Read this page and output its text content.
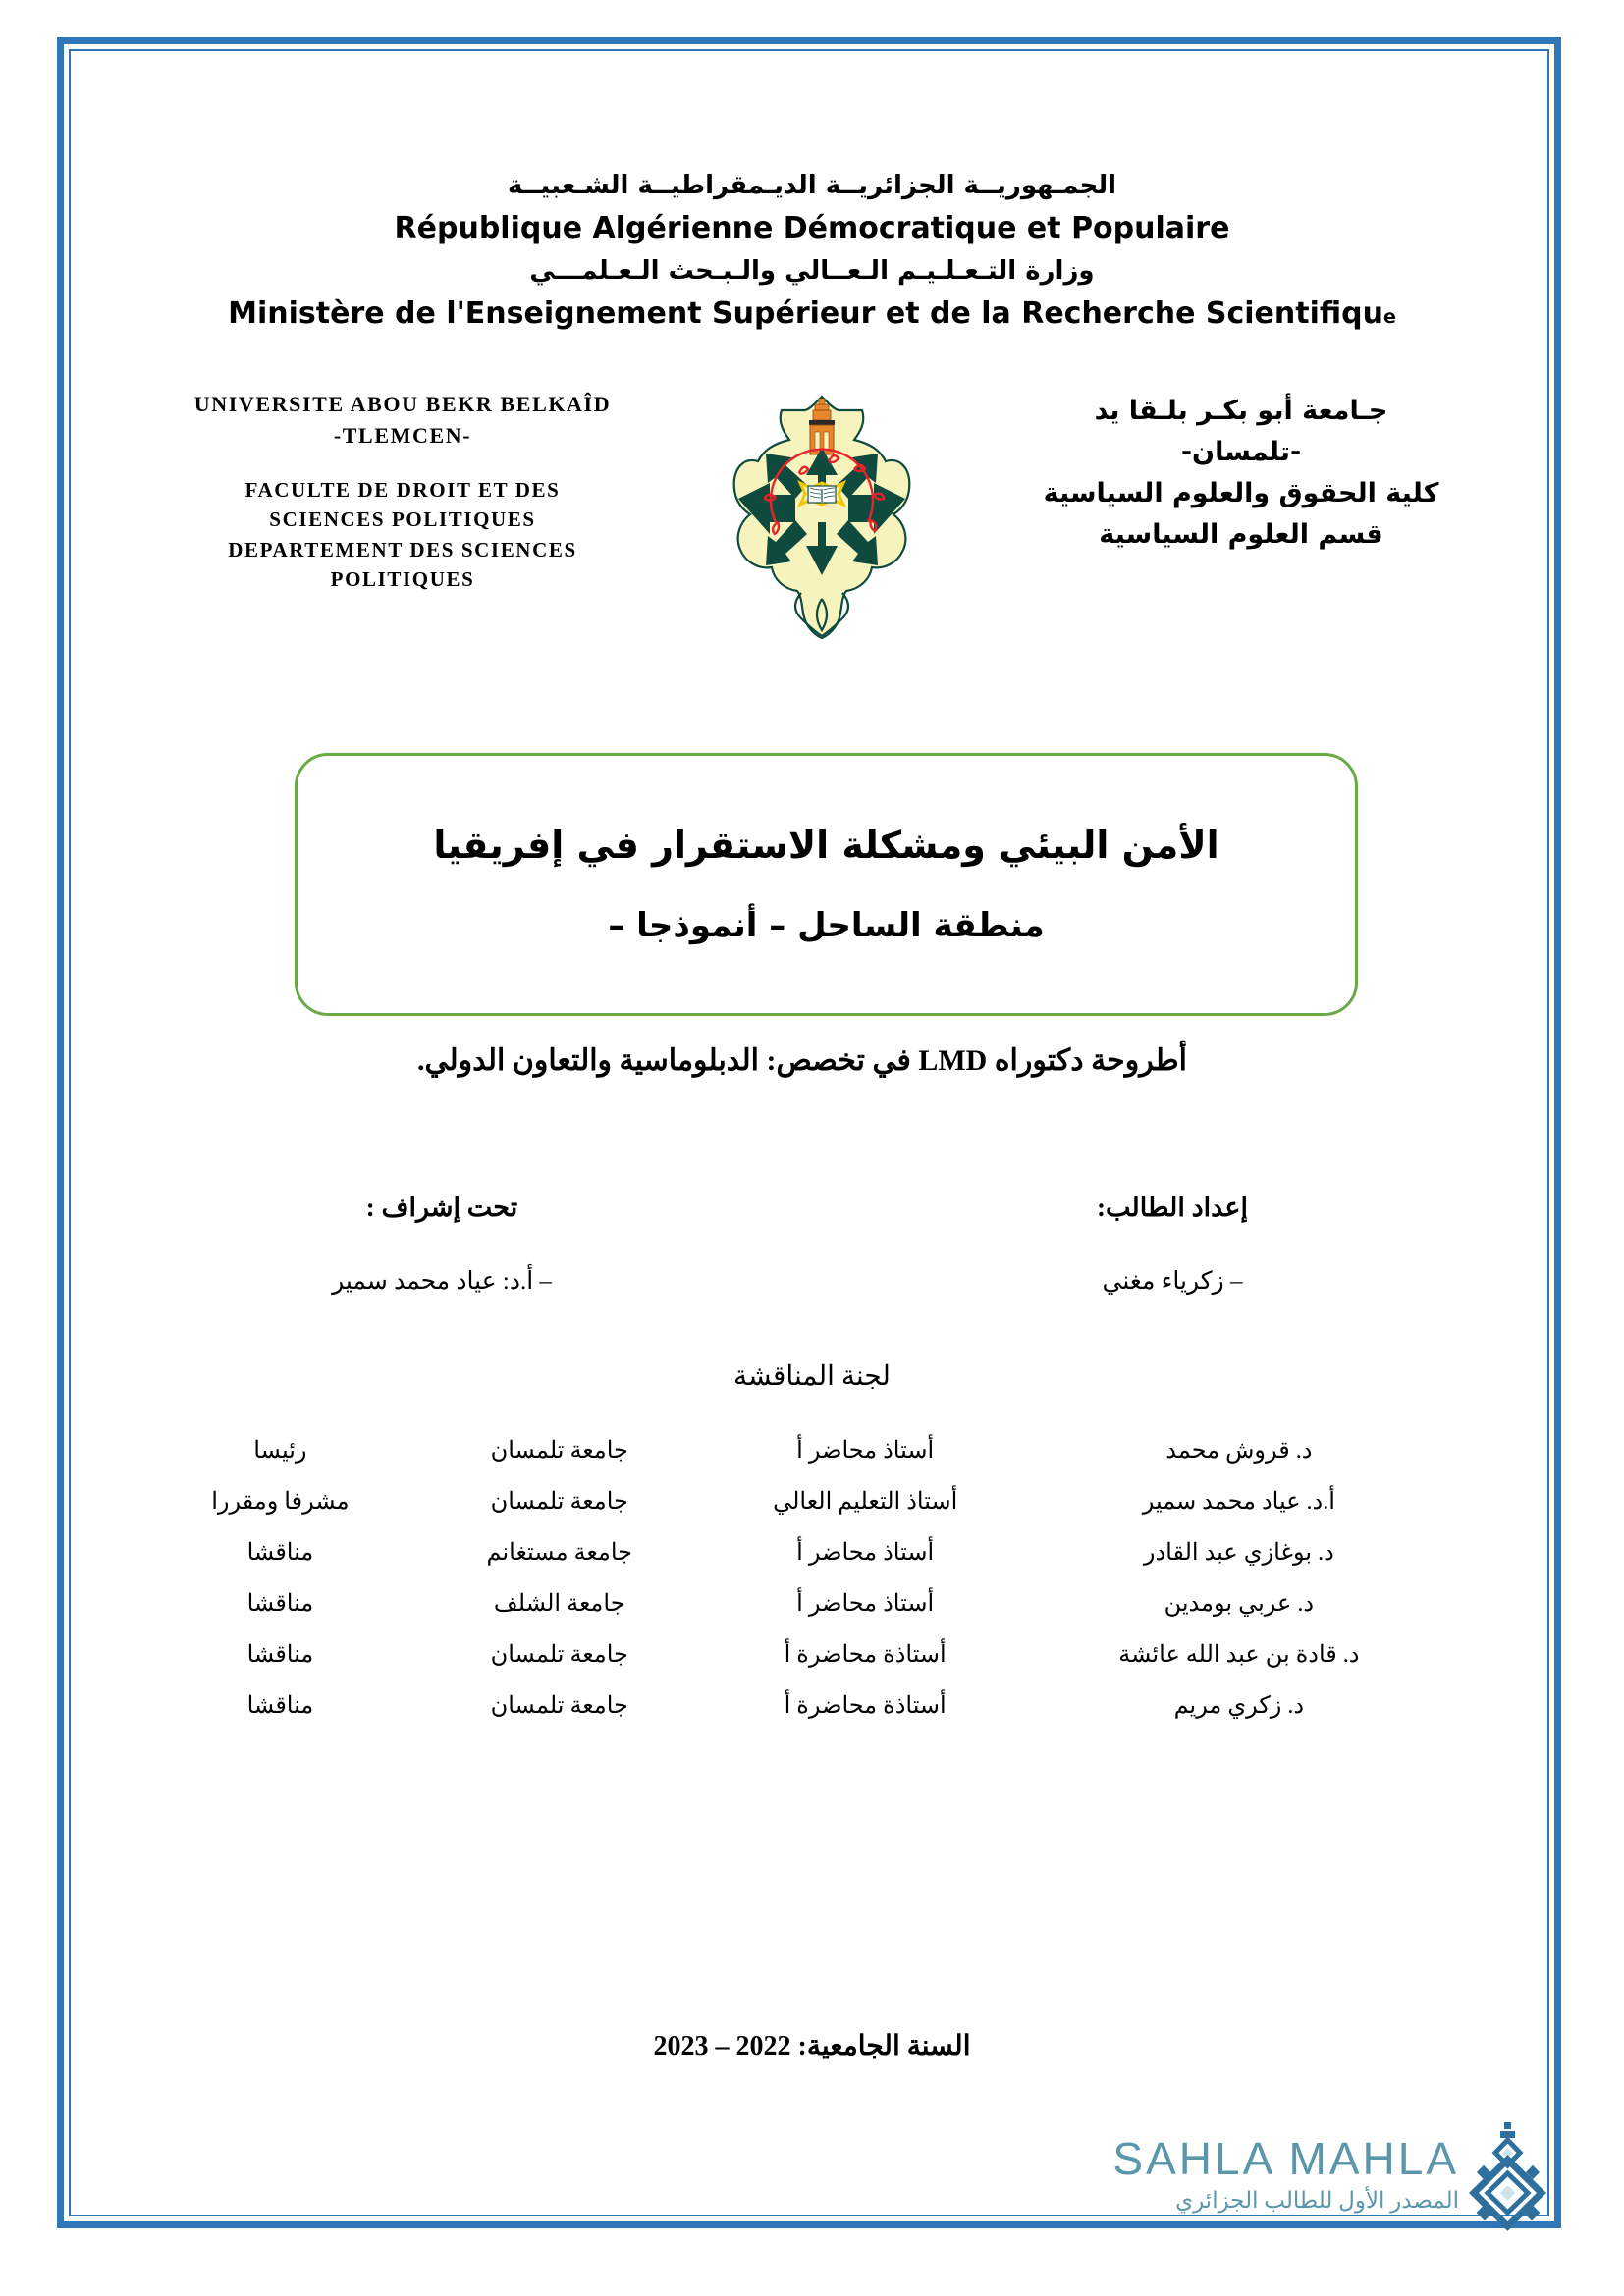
الجمـهوريــة الجزائريــة الديـمقراطيــة الشـعبيــة
République Algérienne Démocratique et Populaire
وزارة التـعـلـيـم الـعــالي والـبـحث الـعـلمـــي
Ministère de l'Enseignement Supérieur et de la Recherche Scientifique
UNIVERSITE ABOU BEKR BELKAÎD
-TLEMCEN-
FACULTE DE DROIT ET DES
SCIENCES POLITIQUES
DEPARTEMENT DES SCIENCES
POLITIQUES
جـامعة أبو بكـر بلـقا يد
-تلمسان-
كلية الحقوق والعلوم السياسية
قسم العلوم السياسية
الأمن البيئي ومشكلة الاستقرار في إفريقيا
منطقة الساحل – أنموذجا –
أطروحة دكتوراه LMD في تخصص: الدبلوماسية والتعاون الدولي.
إعداد الطالب:
– زكرياء مغني
تحت إشراف :
– أ.د: عياد محمد سمير
لجنة المناقشة
د. قروش محمد	أستاذ محاضر أ	جامعة تلمسان	رئيسا
أ.د. عياد محمد سمير	أستاذ التعليم العالي	جامعة تلمسان	مشرفا ومقررا
د. بوغازي عبد القادر	أستاذ محاضر أ	جامعة مستغانم	مناقشا
د. عربي بومدين	أستاذ محاضر أ	جامعة الشلف	مناقشا
د. قادة بن عبد الله عائشة	أستاذة محاضرة أ	جامعة تلمسان	مناقشا
د. زكري مريم	أستاذة محاضرة أ	جامعة تلمسان	مناقشا
السنة الجامعية: 2022 – 2023
SAHLA MAHLA
المصدر الأول للطالب الجزائري
